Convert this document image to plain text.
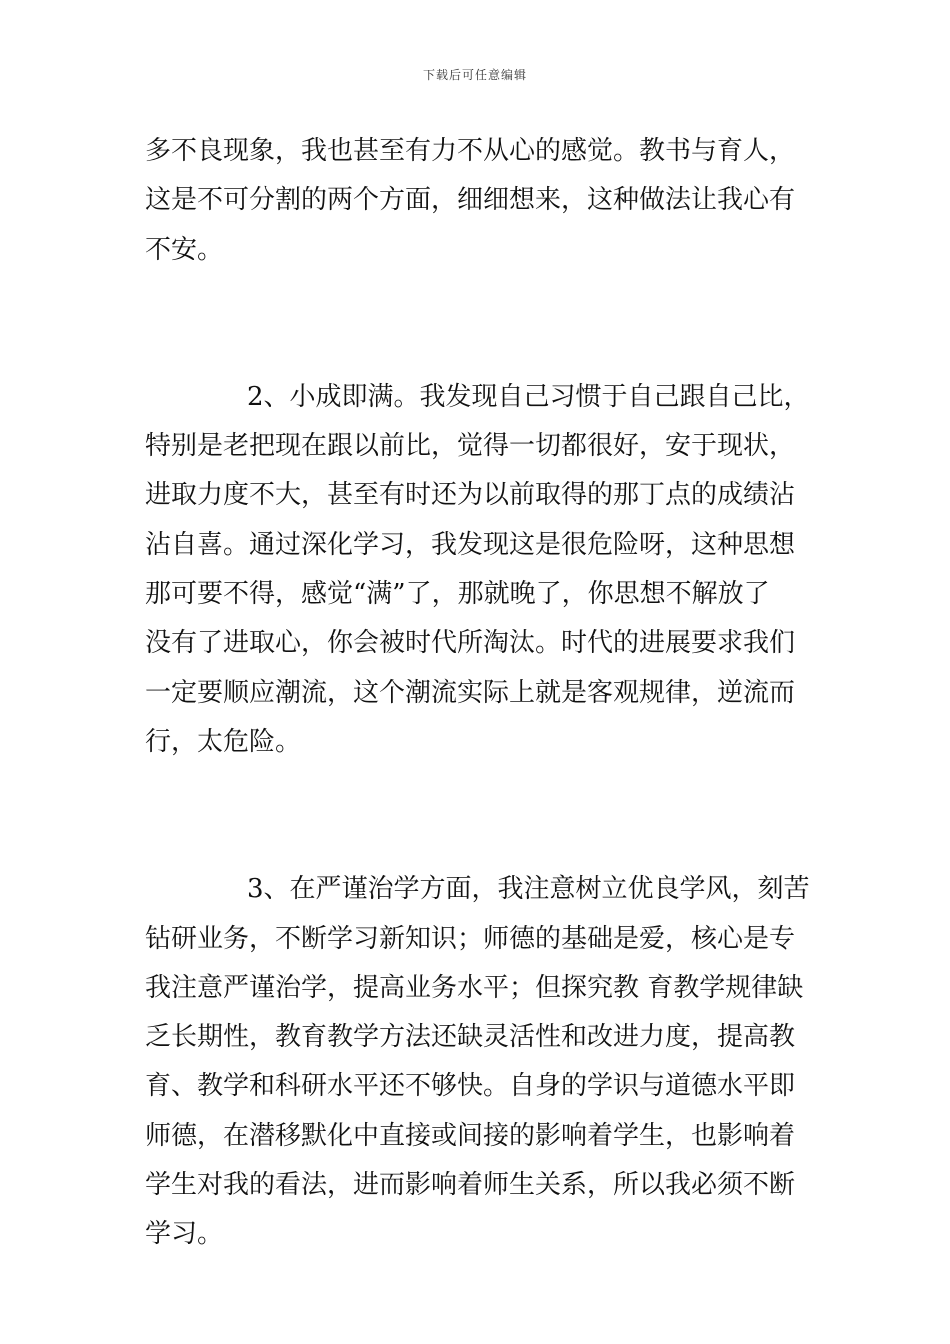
下载后可任意编辑
多不良现象，我也甚至有力不从心的感觉。教书与育人，
这是不可分割的两个方面，细细想来，这种做法让我心有
不安。
2、小成即满。我发现自己习惯于自己跟自己比，
特别是老把现在跟以前比，觉得一切都很好，安于现状，
进取力度不大，甚至有时还为以前取得的那丁点的成绩沾
沾自喜。通过深化学习，我发现这是很危险呀，这种思想
那可要不得，感觉“满”了，那就晚了，你思想不解放了
没有了进取心，你会被时代所淘汰。时代的进展要求我们
一定要顺应潮流，这个潮流实际上就是客观规律，逆流而
行，太危险。
3、在严谨治学方面，我注意树立优良学风，刻苦
钻研业务，不断学习新知识；师德的基础是爱，核心是专
我注意严谨治学，提高业务水平；但探究教 育教学规律缺
乏长期性，教育教学方法还缺灵活性和改进力度，提高教
育、教学和科研水平还不够快。自身的学识与道德水平即
师德，在潜移默化中直接或间接的影响着学生，也影响着
学生对我的看法，进而影响着师生关系，所以我必须不断
学习。
